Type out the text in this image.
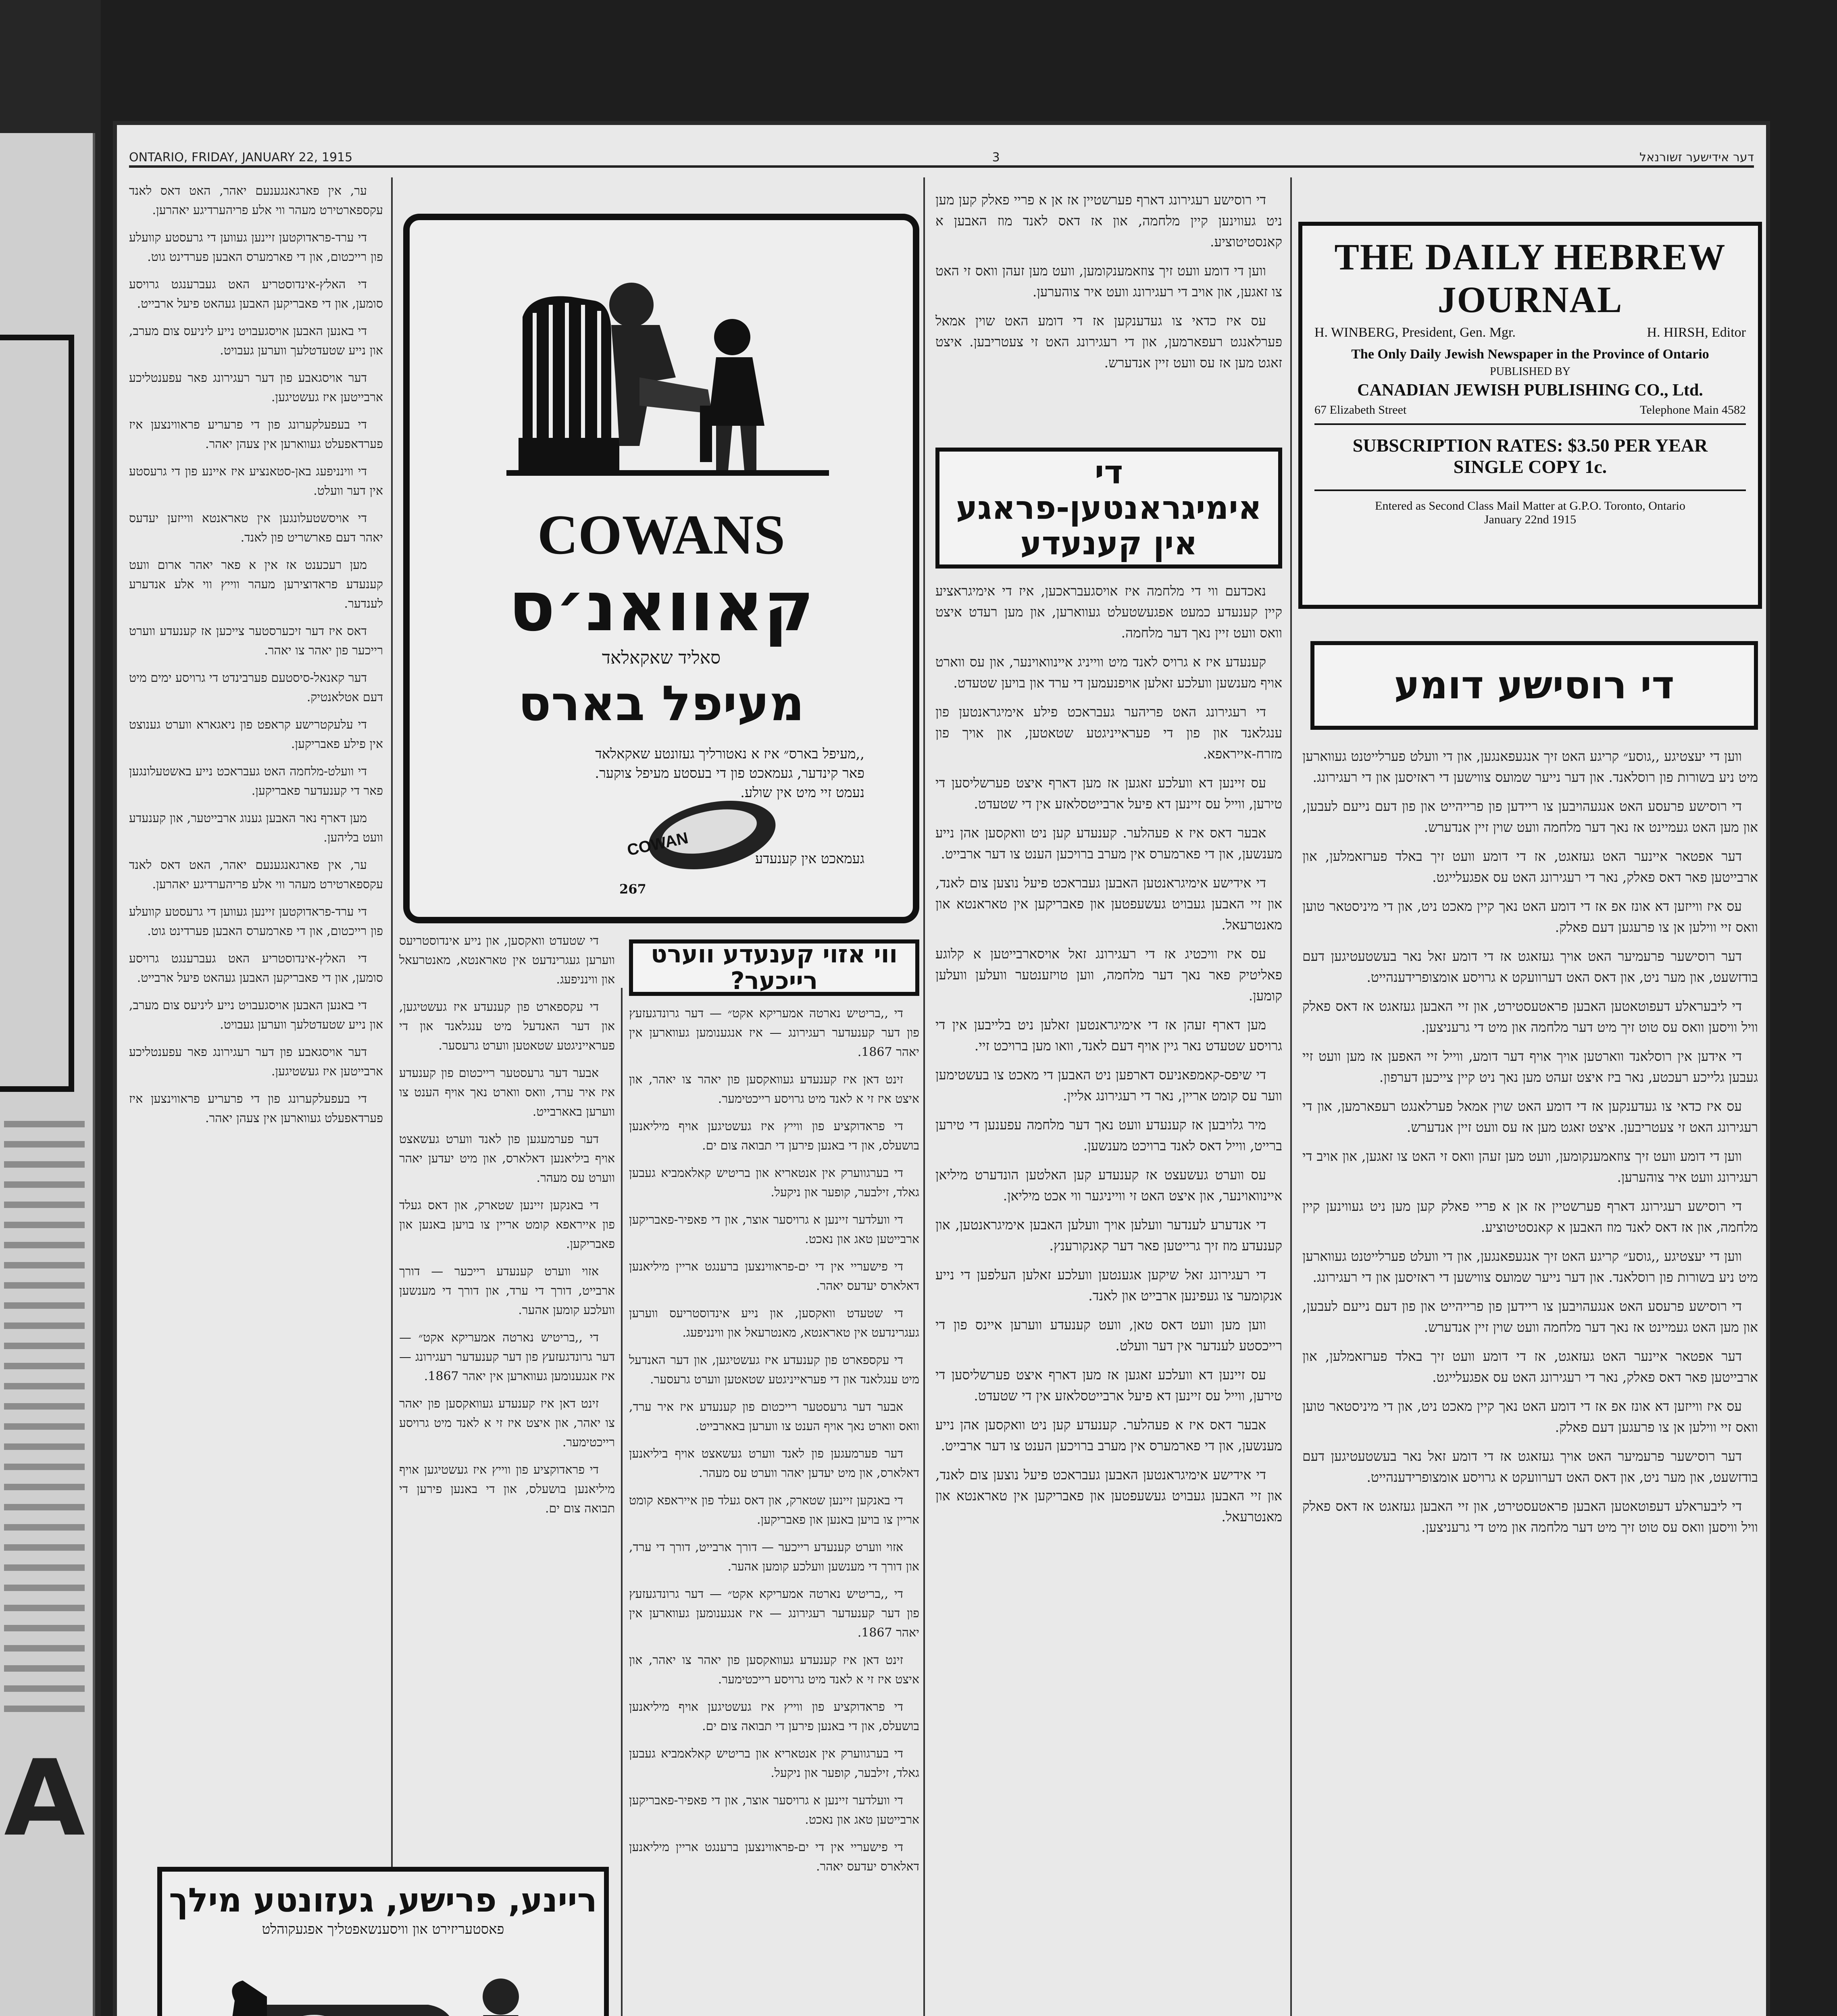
A
ONTARIO, FRIDAY, JANUARY 22, 1915	3	דער אידישער זשורנאל
THE DAILY HEBREW JOURNAL
H. WINBERG, President, Gen. Mgr.	H. HIRSH, Editor
The Only Daily Jewish Newspaper in the Province of Ontario
PUBLISHED BY
CANADIAN JEWISH PUBLISHING CO., Ltd.
67 Elizabeth Street	Telephone Main 4582
SUBSCRIPTION RATES: $3.50 PER YEAR
SINGLE COPY 1c.
Entered as Second Class Mail Matter at G.P.O. Toronto, Ontario
January 22nd 1915
די רוסישע דומע

ווען די יעצטיגע ,,גוסע״ קריגע האט זיך אנגעפאנגען, און די וועלט פערלייטנט געווארען מיט ניע בשורות פון רוסלאנד. און דער נייער שמועס צווישען די ראזיסען און די רעגירונג.

די רוסישע פרעסע האט אנגעהויבען צו ריידען פון פרייהייט און פון דעם נייעם לעבען, און מען האט געמיינט אז נאך דער מלחמה וועט שוין זיין אנדערש.

דער אפטאר איינער האט געזאגט, אז די דומע וועט זיך באלד פערזאמלען, און ארבייטען פאר דאס פאלק, נאר די רעגירונג האט עס אפגעלייגט.

עס איז ווייזען דא אונז אפ אז די דומע האט נאך קיין מאכט ניט, און די מיניסטאר טוען וואס זיי ווילען אן צו פרעגען דעם פאלק.

דער רוסישער פרעמיער האט אויך געזאגט אז די דומע זאל נאר בעשטעטיגען דעם בודזשעט, און מער ניט, און דאס האט דערוועקט א גרויסע אומצופרידענהייט.

די ליבעראלע דעפוטאטען האבען פראטעסטירט, און זיי האבען געזאגט אז דאס פאלק וויל וויסען וואס עס טוט זיך מיט דער מלחמה און מיט די גרעניצען.

די אידען אין רוסלאנד ווארטען אויך אויף דער דומע, ווייל זיי האפען אז מען וועט זיי געבען גלייכע רעכטע, נאר ביז איצט זעהט מען נאך ניט קיין צייכען דערפון.

עס איז כדאי צו געדענקען אז די דומע האט שוין אמאל פערלאנגט רעפארמען, און די רעגירונג האט זי צעטריבען. איצט זאגט מען אז עס וועט זיין אנדערש.

ווען די דומע וועט זיך צוזאמענקומען, וועט מען זעהן וואס זי האט צו זאגען, און אויב די רעגירונג וועט איר צוהערען.

די רוסישע רעגירונג דארף פערשטיין אז אן א פריי פאלק קען מען ניט געווינען קיין מלחמה, און אז דאס לאנד מוז האבען א קאנסטיטוציע.

ווען די יעצטיגע ,,גוסע״ קריגע האט זיך אנגעפאנגען, און די וועלט פערלייטנט געווארען מיט ניע בשורות פון רוסלאנד. און דער נייער שמועס צווישען די ראזיסען און די רעגירונג.

די רוסישע פרעסע האט אנגעהויבען צו ריידען פון פרייהייט און פון דעם נייעם לעבען, און מען האט געמיינט אז נאך דער מלחמה וועט שוין זיין אנדערש.

דער אפטאר איינער האט געזאגט, אז די דומע וועט זיך באלד פערזאמלען, און ארבייטען פאר דאס פאלק, נאר די רעגירונג האט עס אפגעלייגט.

עס איז ווייזען דא אונז אפ אז די דומע האט נאך קיין מאכט ניט, און די מיניסטאר טוען וואס זיי ווילען אן צו פרעגען דעם פאלק.

דער רוסישער פרעמיער האט אויך געזאגט אז די דומע זאל נאר בעשטעטיגען דעם בודזשעט, און מער ניט, און דאס האט דערוועקט א גרויסע אומצופרידענהייט.

די ליבעראלע דעפוטאטען האבען פראטעסטירט, און זיי האבען געזאגט אז דאס פאלק וויל וויסען וואס עס טוט זיך מיט דער מלחמה און מיט די גרעניצען.

די רוסישע רעגירונג דארף פערשטיין אז אן א פריי פאלק קען מען ניט געווינען קיין מלחמה, און אז דאס לאנד מוז האבען א קאנסטיטוציע.

ווען די דומע וועט זיך צוזאמענקומען, וועט מען זעהן וואס זי האט צו זאגען, און אויב די רעגירונג וועט איר צוהערען.

עס איז כדאי צו געדענקען אז די דומע האט שוין אמאל פערלאנגט רעפארמען, און די רעגירונג האט זי צעטריבען. איצט זאגט מען אז עס וועט זיין אנדערש.

די אימיגראנטען-פראגע אין קענעדע

נאכדעם ווי די מלחמה איז אויסגעבראכען, איז די אימיגראציע קיין קענעדע כמעט אפגעשטעלט געווארען, און מען רעדט איצט וואס וועט זיין נאך דער מלחמה.

קענעדע איז א גרויס לאנד מיט ווייניג איינוואוינער, און עס ווארט אויף מענשען וועלכע זאלען אויפנעמען די ערד און בויען שטעדט.

די רעגירונג האט פריהער געבראכט פילע אימיגראנטען פון ענגלאנד און פון די פעראייניגטע שטאטען, און אויך פון מזרח-אייראפא.

עס זיינען דא וועלכע זאגען אז מען דארף איצט פערשליסען די טירען, ווייל עס זיינען דא פיעל ארבייטסלאזע אין די שטעדט.

אבער דאס איז א פעהלער. קענעדע קען ניט וואקסען אהן נייע מענשען, און די פארמערס אין מערב ברויכען הענט צו דער ארבייט.

די אידישע אימיגראנטען האבען געבראכט פיעל נוצען צום לאנד, און זיי האבען געבויט געשעפטען און פאבריקען אין טאראנטא און מאנטרעאל.

עס איז וויכטיג אז די רעגירונג זאל אויסארבייטען א קלוגע פאליטיק פאר נאך דער מלחמה, ווען טויזענטער וועלען וועלען קומען.

מען דארף זעהן אז די אימיגראנטען זאלען ניט בלייבען אין די גרויסע שטעדט נאר גיין אויף דעם לאנד, וואו מען ברויכט זיי.

די שיפס-קאמפאניעס דארפען ניט האבען די מאכט צו בעשטימען ווער עס קומט אריין, נאר די רעגירונג אליין.

מיר גלויבען אז קענעדע וועט נאך דער מלחמה עפענען די טירען ברייט, ווייל דאס לאנד ברויכט מענשען.

עס ווערט געשעצט אז קענעדע קען האלטען הונדערט מיליאן איינוואוינער, און איצט האט זי ווייניגער ווי אכט מיליאן.

די אנדערע לענדער וועלען אויך וועלען האבען אימיגראנטען, און קענעדע מוז זיך גרייטען פאר דער קאנקורענץ.

די רעגירונג זאל שיקען אגענטען וועלכע זאלען העלפען די נייע אנקומער צו געפינען ארבייט און לאנד.

ווען מען וועט דאס טאן, וועט קענעדע ווערען איינס פון די רייכסטע לענדער אין דער וועלט.

עס זיינען דא וועלכע זאגען אז מען דארף איצט פערשליסען די טירען, ווייל עס זיינען דא פיעל ארבייטסלאזע אין די שטעדט.

אבער דאס איז א פעהלער. קענעדע קען ניט וואקסען אהן נייע מענשען, און די פארמערס אין מערב ברויכען הענט צו דער ארבייט.

די אידישע אימיגראנטען האבען געבראכט פיעל נוצען צום לאנד, און זיי האבען געבויט געשעפטען און פאבריקען אין טאראנטא און מאנטרעאל.

COWANS
קאוואנ׳ס
סאליד שאקאלאד
מעיפל בארס
,,מעיפל בארס״ איז א נאטורליך געזונטע שאקאלאד פאר קינדער, געמאכט פון די בעסטע מעיפל צוקער. נעמט זיי מיט אין שולע.
COWAN	געמאכט אין קענעדע
267
ווי אזוי קענעדע ווערט רייכער?

די ,,בריטיש נארטה אמעריקא אקט״ — דער גרונדגעזעץ פון דער קענעדער רעגירונג — איז אנגענומען געווארען אין יאהר 1867.

זינט דאן איז קענעדע געוואקסען פון יאהר צו יאהר, און איצט איז זי א לאנד מיט גרויסע רייכטימער.

די פראדוקציע פון ווייץ איז געשטיגען אויף מיליאנען בושעלס, און די באנען פירען די תבואה צום ים.

די בערגווערק אין אנטאריא און בריטיש קאלאמביא געבען גאלד, זילבער, קופער און ניקעל.

די וועלדער זיינען א גרויסער אוצר, און די פאפיר-פאבריקען ארבייטען טאג און נאכט.

די פישעריי אין די ים-פראווינצען ברענגט אריין מיליאנען דאלארס יעדעס יאהר.

די שטעדט וואקסען, און נייע אינדוסטריעס ווערען געגרינדעט אין טאראנטא, מאנטרעאל און ווינניפעג.

די עקספארט פון קענעדע איז געשטיגען, און דער האנדעל מיט ענגלאנד און די פעראייניגטע שטאטען ווערט גרעסער.

אבער דער גרעסטער רייכטום פון קענעדע איז איר ערד, וואס ווארט נאך אויף הענט צו ווערען באארבייט.

דער פערמעגען פון לאנד ווערט געשאצט אויף ביליאנען דאלארס, און מיט יעדען יאהר ווערט עס מעהר.

די באנקען זיינען שטארק, און דאס געלד פון אייראפא קומט אריין צו בויען באנען און פאבריקען.

אזוי ווערט קענעדע רייכער — דורך ארבייט, דורך די ערד, און דורך די מענשען וועלכע קומען אהער.

די ,,בריטיש נארטה אמעריקא אקט״ — דער גרונדגעזעץ פון דער קענעדער רעגירונג — איז אנגענומען געווארען אין יאהר 1867.

זינט דאן איז קענעדע געוואקסען פון יאהר צו יאהר, און איצט איז זי א לאנד מיט גרויסע רייכטימער.

די פראדוקציע פון ווייץ איז געשטיגען אויף מיליאנען בושעלס, און די באנען פירען די תבואה צום ים.

די בערגווערק אין אנטאריא און בריטיש קאלאמביא געבען גאלד, זילבער, קופער און ניקעל.

די וועלדער זיינען א גרויסער אוצר, און די פאפיר-פאבריקען ארבייטען טאג און נאכט.

די פישעריי אין די ים-פראווינצען ברענגט אריין מיליאנען דאלארס יעדעס יאהר.

די שטעדט וואקסען, און נייע אינדוסטריעס ווערען געגרינדעט אין טאראנטא, מאנטרעאל און ווינניפעג.

די עקספארט פון קענעדע איז געשטיגען, און דער האנדעל מיט ענגלאנד און די פעראייניגטע שטאטען ווערט גרעסער.

אבער דער גרעסטער רייכטום פון קענעדע איז איר ערד, וואס ווארט נאך אויף הענט צו ווערען באארבייט.

דער פערמעגען פון לאנד ווערט געשאצט אויף ביליאנען דאלארס, און מיט יעדען יאהר ווערט עס מעהר.

די באנקען זיינען שטארק, און דאס געלד פון אייראפא קומט אריין צו בויען באנען און פאבריקען.

אזוי ווערט קענעדע רייכער — דורך ארבייט, דורך די ערד, און דורך די מענשען וועלכע קומען אהער.

די ,,בריטיש נארטה אמעריקא אקט״ — דער גרונדגעזעץ פון דער קענעדער רעגירונג — איז אנגענומען געווארען אין יאהר 1867.

זינט דאן איז קענעדע געוואקסען פון יאהר צו יאהר, און איצט איז זי א לאנד מיט גרויסע רייכטימער.

די פראדוקציע פון ווייץ איז געשטיגען אויף מיליאנען בושעלס, און די באנען פירען די תבואה צום ים.

ער, אין פארגאנגענעם יאהר, האט דאס לאנד עקספארטירט מעהר ווי אלע פריהערדיגע יאהרען.

די ערד-פראדוקטען זיינען געווען די גרעסטע קוועלע פון רייכטום, און די פארמערס האבען פערדינט גוט.

די האלץ-אינדוסטריע האט געברענגט גרויסע סומען, און די פאבריקען האבען געהאט פיעל ארבייט.

די באנען האבען אויסגעבויט נייע ליניעס צום מערב, און נייע שטעדטלעך ווערען געבויט.

דער אויסגאבע פון דער רעגירונג פאר עפענטליכע ארבייטען איז געשטיגען.

די בעפעלקערונג פון די פרעריע פראווינצען איז פערדאפעלט געווארען אין צעהן יאהר.

די ווינניפעג באן-סטאנציע איז איינע פון די גרעסטע אין דער וועלט.

די אויסשטעלונגען אין טאראנטא ווייזען יעדעס יאהר דעם פארשריט פון לאנד.

מען רעכענט אז אין א פאר יאהר ארום וועט קענעדע פראדוצירען מעהר ווייץ ווי אלע אנדערע לענדער.

דאס איז דער זיכערסטער צייכען אז קענעדע ווערט רייכער פון יאהר צו יאהר.

דער קאנאל-סיסטעם פערבינדט די גרויסע ימים מיט דעם אטלאנטיק.

די עלעקטרישע קראפט פון ניאגארא ווערט גענוצט אין פילע פאבריקען.

די וועלט-מלחמה האט געבראכט נייע באשטעלונגען פאר די קענעדער פאבריקען.

מען דארף נאר האבען גענוג ארבייטער, און קענעדע וועט בליהען.

ער, אין פארגאנגענעם יאהר, האט דאס לאנד עקספארטירט מעהר ווי אלע פריהערדיגע יאהרען.

די ערד-פראדוקטען זיינען געווען די גרעסטע קוועלע פון רייכטום, און די פארמערס האבען פערדינט גוט.

די האלץ-אינדוסטריע האט געברענגט גרויסע סומען, און די פאבריקען האבען געהאט פיעל ארבייט.

די באנען האבען אויסגעבויט נייע ליניעס צום מערב, און נייע שטעדטלעך ווערען געבויט.

דער אויסגאבע פון דער רעגירונג פאר עפענטליכע ארבייטען איז געשטיגען.

די בעפעלקערונג פון די פרעריע פראווינצען איז פערדאפעלט געווארען אין צעהן יאהר.

ריינע, פרישע, געזונטע מילך
פאסטעריזירט און וויסענשאפטליך אפגעקוהלט
